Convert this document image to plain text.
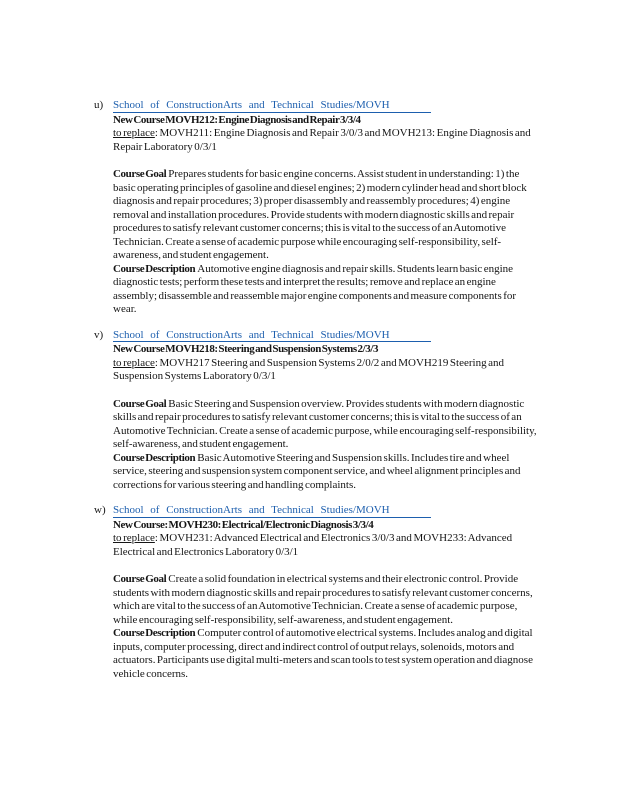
u) School of ConstructionArts and Technical Studies/MOVH
New Course MOVH212: Engine Diagnosis and Repair 3/3/4
to replace: MOVH211: Engine Diagnosis and Repair 3/0/3 and MOVH213: Engine Diagnosis and Repair Laboratory 0/3/1

Course Goal Prepares students for basic engine concerns. Assist student in understanding: 1) the basic operating principles of gasoline and diesel engines; 2) modern cylinder head and short block diagnosis and repair procedures; 3) proper disassembly and reassembly procedures; 4) engine removal and installation procedures. Provide students with modern diagnostic skills and repair procedures to satisfy relevant customer concerns; this is vital to the success of an Automotive Technician. Create a sense of academic purpose while encouraging self-responsibility, self-awareness, and student engagement.

Course Description Automotive engine diagnosis and repair skills. Students learn basic engine diagnostic tests; perform these tests and interpret the results; remove and replace an engine assembly; disassemble and reassemble major engine components and measure components for wear.

v) School of ConstructionArts and Technical Studies/MOVH
New Course MOVH218: Steering and Suspension Systems 2/3/3
to replace: MOVH217 Steering and Suspension Systems 2/0/2 and MOVH219 Steering and Suspension Systems Laboratory 0/3/1

Course Goal Basic Steering and Suspension overview. Provides students with modern diagnostic skills and repair procedures to satisfy relevant customer concerns; this is vital to the success of an Automotive Technician. Create a sense of academic purpose, while encouraging self-responsibility, self-awareness, and student engagement.

Course Description Basic Automotive Steering and Suspension skills. Includes tire and wheel service, steering and suspension system component service, and wheel alignment principles and corrections for various steering and handling complaints.

w) School of ConstructionArts and Technical Studies/MOVH
New Course: MOVH230: Electrical/Electronic Diagnosis 3/3/4
to replace: MOVH231: Advanced Electrical and Electronics 3/0/3 and MOVH233: Advanced Electrical and Electronics Laboratory 0/3/1

Course Goal Create a solid foundation in electrical systems and their electronic control. Provide students with modern diagnostic skills and repair procedures to satisfy relevant customer concerns, which are vital to the success of an Automotive Technician. Create a sense of academic purpose, while encouraging self-responsibility, self-awareness, and student engagement.

Course Description Computer control of automotive electrical systems. Includes analog and digital inputs, computer processing, direct and indirect control of output relays, solenoids, motors and actuators. Participants use digital multi-meters and scan tools to test system operation and diagnose vehicle concerns.
